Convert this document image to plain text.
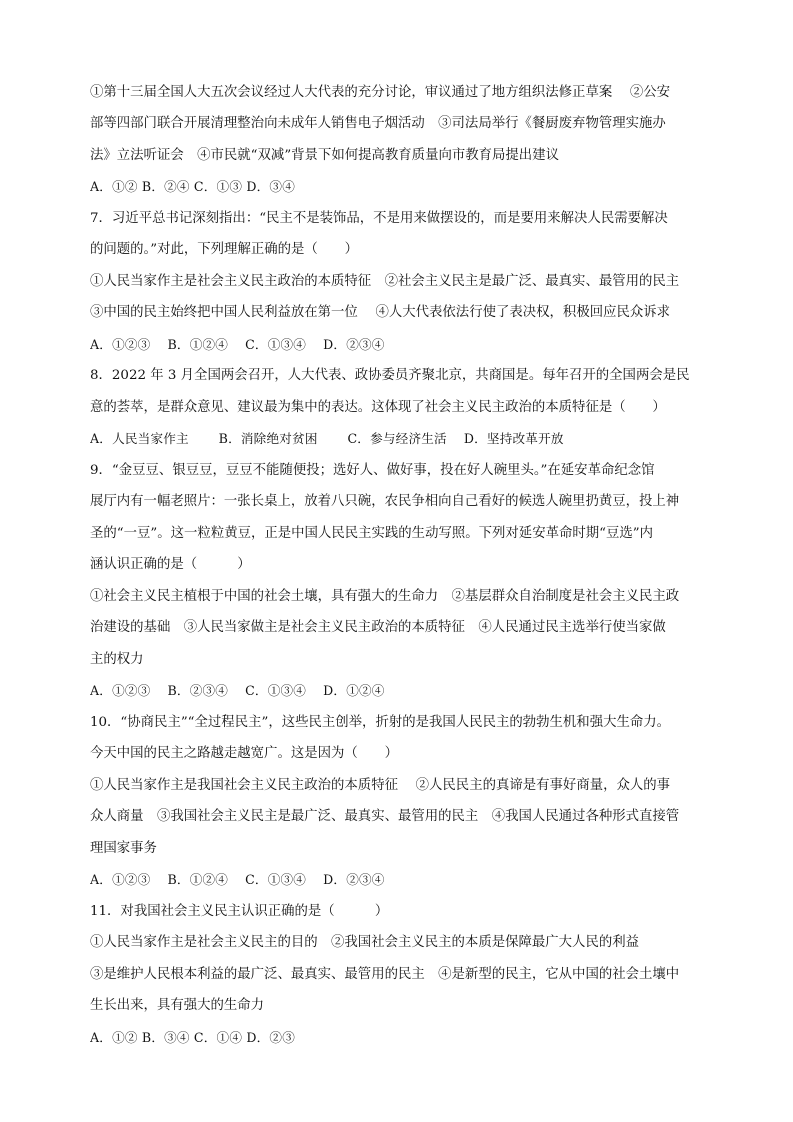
①第十三届全国人大五次会议经过人大代表的充分讨论，审议通过了地方组织法修正草案　 ②公安
部等四部门联合开展清理整治向未成年人销售电子烟活动　③司法局举行《餐厨废弃物管理实施办
法》立法听证会　④市民就“双减”背景下如何提高教育质量向市教育局提出建议
A．①② B．②④ C．①③ D．③④
7．习近平总书记深刻指出：“民主不是装饰品，不是用来做摆设的，而是要用来解决人民需要解决
的问题的。”对此，下列理解正确的是（　　）
①人民当家作主是社会主义民主政治的本质特征　②社会主义民主是最广泛、最真实、最管用的民主
③中国的民主始终把中国人民利益放在第一位　 ④人大代表依法行使了表决权，积极回应民众诉求
A．①②③　 B．①②④　 C．①③④　 D．②③④
8．2022 年 3 月全国两会召开，人大代表、政协委员齐聚北京，共商国是。每年召开的全国两会是民
意的荟萃，是群众意见、建议最为集中的表达。这体现了社会主义民主政治的本质特征是（　　）
A．人民当家作主　　 B．消除绝对贫困　　 C．参与经济生活　 D．坚持改革开放
9．“金豆豆、银豆豆，豆豆不能随便投；选好人、做好事，投在好人碗里头。”在延安革命纪念馆
展厅内有一幅老照片：一张长桌上，放着八只碗，农民争相向自己看好的候选人碗里扔黄豆，投上神
圣的“一豆”。这一粒粒黄豆，正是中国人民民主实践的生动写照。下列对延安革命时期“豆选”内
涵认识正确的是（　　　）
①社会主义民主植根于中国的社会土壤，具有强大的生命力　②基层群众自治制度是社会主义民主政
治建设的基础　③人民当家做主是社会主义民主政治的本质特征　④人民通过民主选举行使当家做
主的权力
A．①②③　 B．②③④　 C．①③④　 D．①②④
10．“协商民主”“全过程民主”，这些民主创举，折射的是我国人民民主的勃勃生机和强大生命力。
今天中国的民主之路越走越宽广。这是因为（　　）
①人民当家作主是我国社会主义民主政治的本质特征　 ②人民民主的真谛是有事好商量，众人的事
众人商量　③我国社会主义民主是最广泛、最真实、最管用的民主　④我国人民通过各种形式直接管
理国家事务
A．①②③　 B．①②④　 C．①③④　 D．②③④
11．对我国社会主义民主认识正确的是（　　　）
①人民当家作主是社会主义民主的目的　②我国社会主义民主的本质是保障最广大人民的利益
③是维护人民根本利益的最广泛、最真实、最管用的民主　④是新型的民主，它从中国的社会土壤中
生长出来，具有强大的生命力
A．①② B．③④ C．①④ D．②③
